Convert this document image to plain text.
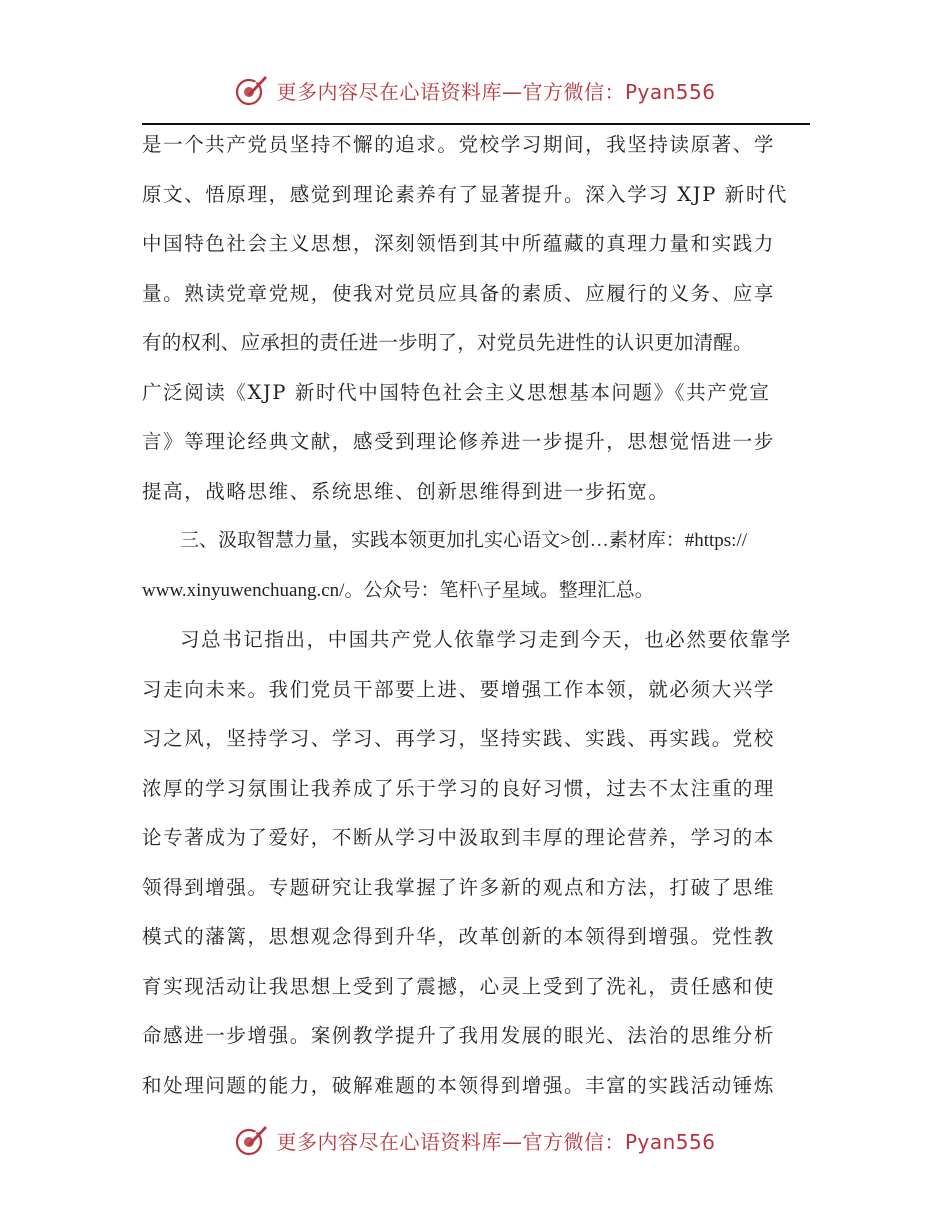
更多内容尽在心语资料库—官方微信：Pyan556
是一个共产党员坚持不懈的追求。党校学习期间，我坚持读原著、学
原文、悟原理，感觉到理论素养有了显著提升。深入学习 XJP 新时代
中国特色社会主义思想，深刻领悟到其中所蕴藏的真理力量和实践力
量。熟读党章党规，使我对党员应具备的素质、应履行的义务、应享
有的权利、应承担的责任进一步明了，对党员先进性的认识更加清醒。
广泛阅读《XJP 新时代中国特色社会主义思想基本问题》《共产党宣
言》等理论经典文献，感受到理论修养进一步提升，思想觉悟进一步
提高，战略思维、系统思维、创新思维得到进一步拓宽。
三、汲取智慧力量，实践本领更加扎实心语文>创…素材库：#https://
www.xinyuwenchuang.cn/。公众号：笔杆\子星域。整理汇总。
习总书记指出，中国共产党人依靠学习走到今天，也必然要依靠学
习走向未来。我们党员干部要上进、要增强工作本领，就必须大兴学
习之风，坚持学习、学习、再学习，坚持实践、实践、再实践。党校
浓厚的学习氛围让我养成了乐于学习的良好习惯，过去不太注重的理
论专著成为了爱好，不断从学习中汲取到丰厚的理论营养，学习的本
领得到增强。专题研究让我掌握了许多新的观点和方法，打破了思维
模式的藩篱，思想观念得到升华，改革创新的本领得到增强。党性教
育实现活动让我思想上受到了震撼，心灵上受到了洗礼，责任感和使
命感进一步增强。案例教学提升了我用发展的眼光、法治的思维分析
和处理问题的能力，破解难题的本领得到增强。丰富的实践活动锤炼
更多内容尽在心语资料库—官方微信：Pyan556
